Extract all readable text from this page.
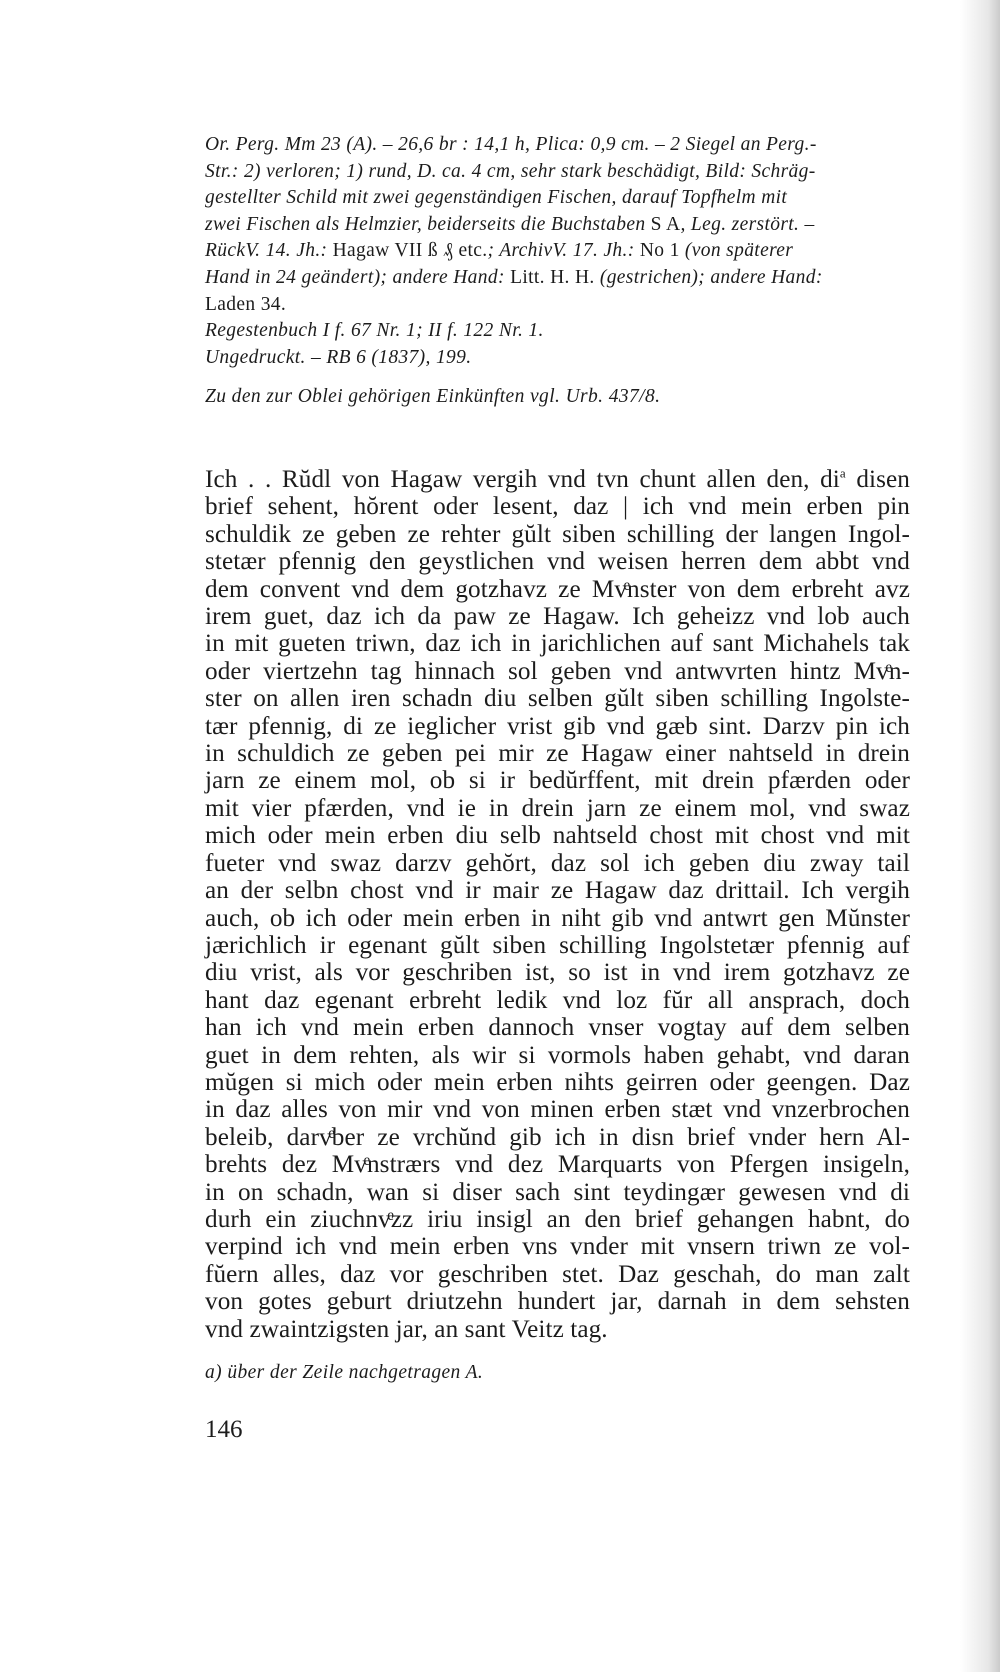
Or. Perg. Mm 23 (A). – 26,6 br : 14,1 h, Plica: 0,9 cm. – 2 Siegel an Perg.-

Str.: 2) verloren; 1) rund, D. ca. 4 cm, sehr stark beschädigt, Bild: Schräg-

gestellter Schild mit zwei gegenständigen Fischen, darauf Topfhelm mit

zwei Fischen als Helmzier, beiderseits die Buchstaben S A, Leg. zerstört. –

RückV. 14. Jh.: Hagaw VII ß ₰ etc.; ArchivV. 17. Jh.: No 1 (von späterer

Hand in 24 geändert); andere Hand: Litt. H. H. (gestrichen); andere Hand:

Laden 34.

Regestenbuch I f. 67 Nr. 1; II f. 122 Nr. 1.

Ungedruckt. – RB 6 (1837), 199.

Zu den zur Oblei gehörigen Einkünften vgl. Urb. 437/8.
Ich . . Rŭdl von Hagaw vergih vnd tvn chunt allen den, $di^a$ disen
brief sehent, hŏrent oder lesent, daz | ich vnd mein erben pin
schuldik ze geben ze rehter gŭlt siben schilling der langen Ingol-
stetær pfennig den geystlichen vnd weisen herren dem abbt vnd
dem convent vnd dem gotzhavz ze Mvͤnster von dem erbreht avz
irem guet, daz ich da paw ze Hagaw. Ich geheizz vnd lob auch
in mit gueten triwn, daz ich in jarichlichen auf sant Michahels tak
oder viertzehn tag hinnach sol geben vnd antwvrten hintz Mvͤn-
ster on allen iren schadn diu selben gŭlt siben schilling Ingolste-
tær pfennig, di ze ieglicher vrist gib vnd gæb sint. Darzv pin ich
in schuldich ze geben pei mir ze Hagaw einer nahtseld in drein
jarn ze einem mol, ob si ir bedŭrffent, mit drein pfærden oder
mit vier pfærden, vnd ie in drein jarn ze einem mol, vnd swaz
mich oder mein erben diu selb nahtseld chost mit chost vnd mit
fueter vnd swaz darzv gehŏrt, daz sol ich geben diu zway tail
an der selbn chost vnd ir mair ze Hagaw daz drittail. Ich vergih
auch, ob ich oder mein erben in niht gib vnd antwrt gen Mŭnster
jærichlich ir egenant gŭlt siben schilling Ingolstetær pfennig auf
diu vrist, als vor geschriben ist, so ist in vnd irem gotzhavz ze
hant daz egenant erbreht ledik vnd loz fŭr all ansprach, doch
han ich vnd mein erben dannoch vnser vogtay auf dem selben
guet in dem rehten, als wir si vormols haben gehabt, vnd daran
mŭgen si mich oder mein erben nihts geirren oder geengen. Daz
in daz alles von mir vnd von minen erben stæt vnd vnzerbrochen
beleib, darvͤber ze vrchŭnd gib ich in disn brief vnder hern Al-
brehts dez Mvͤnstrærs vnd dez Marquarts von Pfergen insigeln,
in on schadn, wan si diser sach sint teydingær gewesen vnd di
durh ein ziuchnvͤzz iriu insigl an den brief gehangen habnt, do
verpind ich vnd mein erben vns vnder mit vnsern triwn ze vol-
fŭern alles, daz vor geschriben stet. Daz geschah, do man zalt
von gotes geburt driutzehn hundert jar, darnah in dem sehsten
vnd zwaintzigsten jar, an sant Veitz tag.
a) über der Zeile nachgetragen A.
146
